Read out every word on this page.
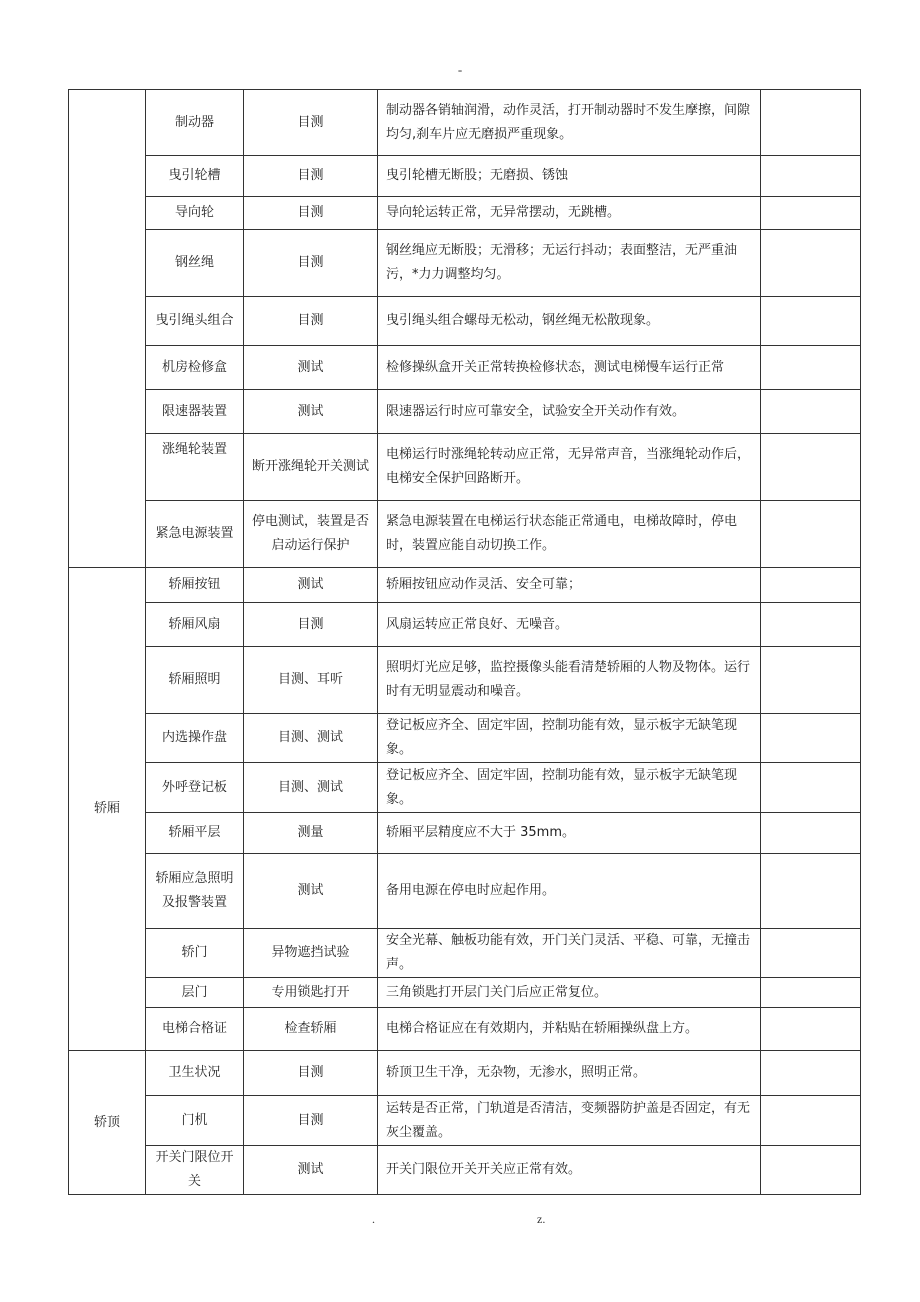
-
	制动器	目测	制动器各销轴润滑，动作灵活，打开制动器时不发生摩擦，间隙均匀,刹车片应无磨损严重现象。	
	曳引轮槽	目测	曳引轮槽无断股；无磨损、锈蚀	
	导向轮	目测	导向轮运转正常，无异常摆动，无跳槽。	
	钢丝绳	目测	钢丝绳应无断股；无滑移；无运行抖动；表面整洁，无严重油污，*力力调整均匀。	
	曳引绳头组合	目测	曳引绳头组合螺母无松动，钢丝绳无松散现象。	
	机房检修盒	测试	检修操纵盒开关正常转换检修状态，测试电梯慢车运行正常	
	限速器装置	测试	限速器运行时应可靠安全，试验安全开关动作有效。	
	涨绳轮装置	断开涨绳轮开关测试	电梯运行时涨绳轮转动应正常，无异常声音，当涨绳轮动作后，电梯安全保护回路断开。	
	紧急电源装置	停电测试，装置是否启动运行保护	紧急电源装置在电梯运行状态能正常通电，电梯故障时，停电时，装置应能自动切换工作。	
轿厢	轿厢按钮	测试	轿厢按钮应动作灵活、安全可靠；	
	轿厢风扇	目测	风扇运转应正常良好、无噪音。	
	轿厢照明	目测、耳听	照明灯光应足够，监控摄像头能看清楚轿厢的人物及物体。运行时有无明显震动和噪音。	
	内选操作盘	目测、测试	登记板应齐全、固定牢固，控制功能有效，显示板字无缺笔现象。	
	外呼登记板	目测、测试	登记板应齐全、固定牢固，控制功能有效，显示板字无缺笔现象。	
	轿厢平层	测量	轿厢平层精度应不大于 35mm。	
	轿厢应急照明及报警装置	测试	备用电源在停电时应起作用。	
	轿门	异物遮挡试验	安全光幕、触板功能有效，开门关门灵活、平稳、可靠，无撞击声。	
	层门	专用锁匙打开	三角锁匙打开层门关门后应正常复位。	
	电梯合格证	检查轿厢	电梯合格证应在有效期内，并粘贴在轿厢操纵盘上方。	
轿顶	卫生状况	目测	轿顶卫生干净，无杂物，无渗水，照明正常。	
	门机	目测	运转是否正常，门轨道是否清洁，变频器防护盖是否固定，有无灰尘覆盖。	
	开关门限位开关	测试	开关门限位开关开关应正常有效。	
.	z.
